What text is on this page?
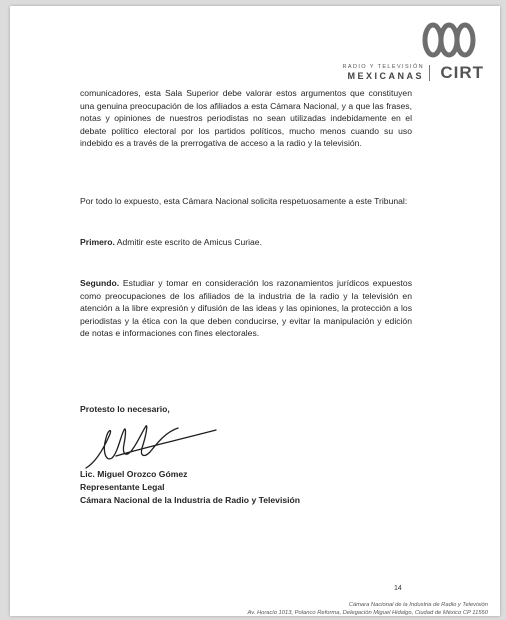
RADIO Y TELEVISIÓN
MEXICANAS CIRT
comunicadores, esta Sala Superior debe valorar estos argumentos que constituyen una genuina preocupación de los afiliados a esta Cámara Nacional, y a que las frases, notas y opiniones de nuestros periodistas no sean utilizadas indebidamente en el debate político electoral por los partidos políticos, mucho menos cuando su uso indebido es a través de la prerrogativa de acceso a la radio y la televisión.
Por todo lo expuesto, esta Cámara Nacional solicita respetuosamente a este Tribunal:
Primero. Admitir este escrito de Amicus Curiae.
Segundo. Estudiar y tomar en consideración los razonamientos jurídicos expuestos como preocupaciones de los afiliados de la industria de la radio y la televisión en atención a la libre expresión y difusión de las ideas y las opiniones, la protección a los periodistas y la ética con la que deben conducirse, y evitar la manipulación y edición de notas e informaciones con fines electorales.
Protesto lo necesario,
Lic. Miguel Orozco Gómez
Representante Legal
Cámara Nacional de la Industria de Radio y Televisión
14
Cámara Nacional de la Industria de Radio y Televisión
Av. Horacio 1013, Polanco Reforma, Delegación Miguel Hidalgo, Ciudad de México CP 11550
